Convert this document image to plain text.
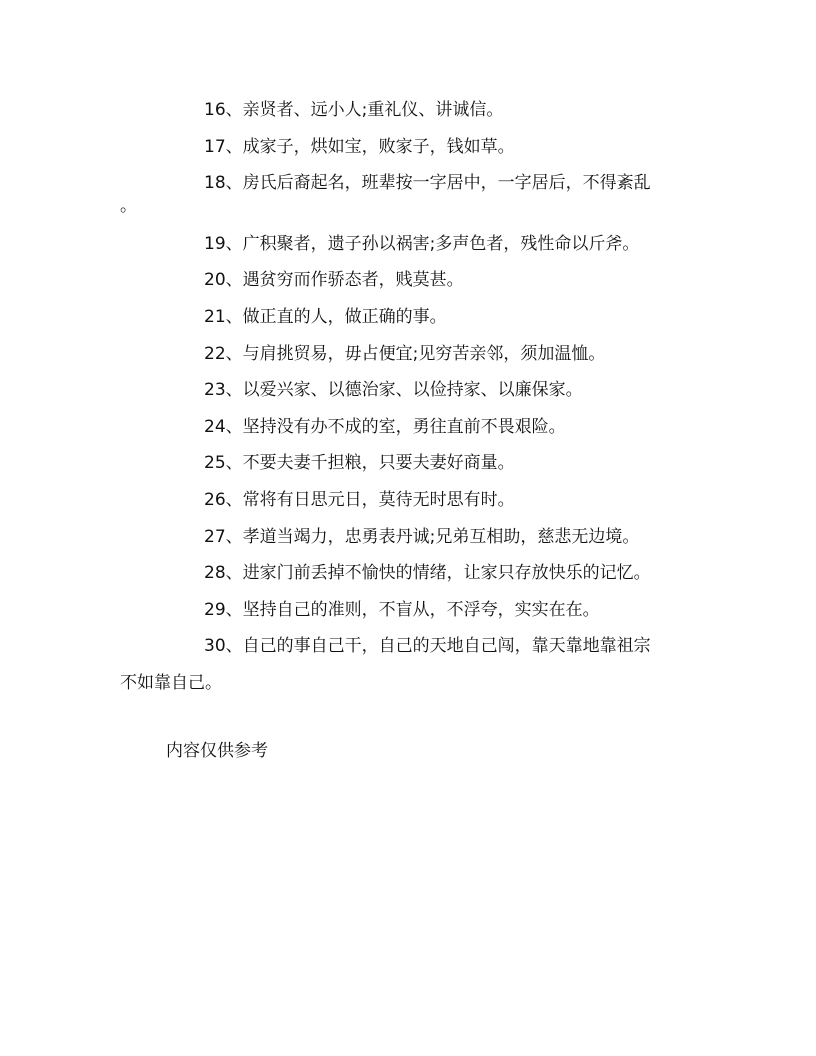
16、亲贤者、远小人;重礼仪、讲诚信。
17、成家子，烘如宝，败家子，钱如草。
18、房氏后裔起名，班辈按一字居中，一字居后，不得紊乱
。
19、广积聚者，遗子孙以祸害;多声色者，残性命以斤斧。
20、遇贫穷而作骄态者，贱莫甚。
21、做正直的人，做正确的事。
22、与肩挑贸易，毋占便宜;见穷苦亲邻，须加温恤。
23、以爱兴家、以德治家、以俭持家、以廉保家。
24、坚持没有办不成的室，勇往直前不畏艰险。
25、不要夫妻千担粮，只要夫妻好商量。
26、常将有日思元日，莫待无时思有时。
27、孝道当竭力，忠勇表丹诚;兄弟互相助，慈悲无边境。
28、进家门前丢掉不愉快的情绪，让家只存放快乐的记忆。
29、坚持自己的准则，不盲从，不浮夸，实实在在。
30、自己的事自己干，自己的天地自己闯，靠天靠地靠祖宗
不如靠自己。
内容仅供参考
